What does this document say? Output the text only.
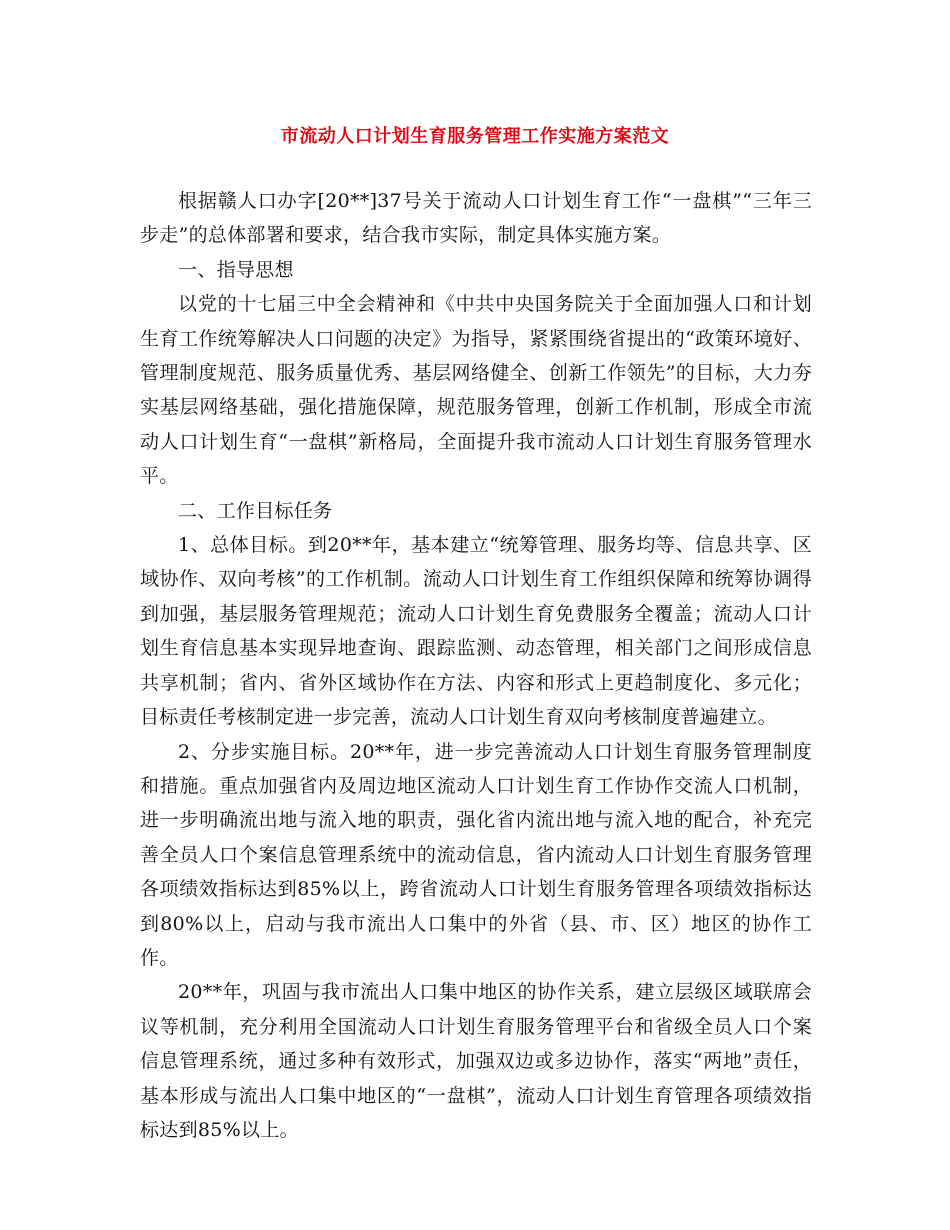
市流动人口计划生育服务管理工作实施方案范文

根据赣人口办字[20**]37号关于流动人口计划生育工作“一盘棋”“三年三步走”的总体部署和要求，结合我市实际，制定具体实施方案。

一、指导思想

以党的十七届三中全会精神和《中共中央国务院关于全面加强人口和计划生育工作统筹解决人口问题的决定》为指导，紧紧围绕省提出的“政策环境好、管理制度规范、服务质量优秀、基层网络健全、创新工作领先”的目标，大力夯实基层网络基础，强化措施保障，规范服务管理，创新工作机制，形成全市流动人口计划生育“一盘棋”新格局，全面提升我市流动人口计划生育服务管理水平。

二、工作目标任务

1、总体目标。到20**年，基本建立“统筹管理、服务均等、信息共享、区域协作、双向考核”的工作机制。流动人口计划生育工作组织保障和统筹协调得到加强，基层服务管理规范；流动人口计划生育免费服务全覆盖；流动人口计划生育信息基本实现异地查询、跟踪监测、动态管理，相关部门之间形成信息共享机制；省内、省外区域协作在方法、内容和形式上更趋制度化、多元化；目标责任考核制定进一步完善，流动人口计划生育双向考核制度普遍建立。

2、分步实施目标。20**年，进一步完善流动人口计划生育服务管理制度和措施。重点加强省内及周边地区流动人口计划生育工作协作交流人口机制，进一步明确流出地与流入地的职责，强化省内流出地与流入地的配合，补充完善全员人口个案信息管理系统中的流动信息，省内流动人口计划生育服务管理各项绩效指标达到85%以上，跨省流动人口计划生育服务管理各项绩效指标达到80%以上，启动与我市流出人口集中的外省（县、市、区）地区的协作工作。

20**年，巩固与我市流出人口集中地区的协作关系，建立层级区域联席会议等机制，充分利用全国流动人口计划生育服务管理平台和省级全员人口个案信息管理系统，通过多种有效形式，加强双边或多边协作，落实“两地”责任，基本形成与流出人口集中地区的“一盘棋”，流动人口计划生育管理各项绩效指标达到85%以上。
